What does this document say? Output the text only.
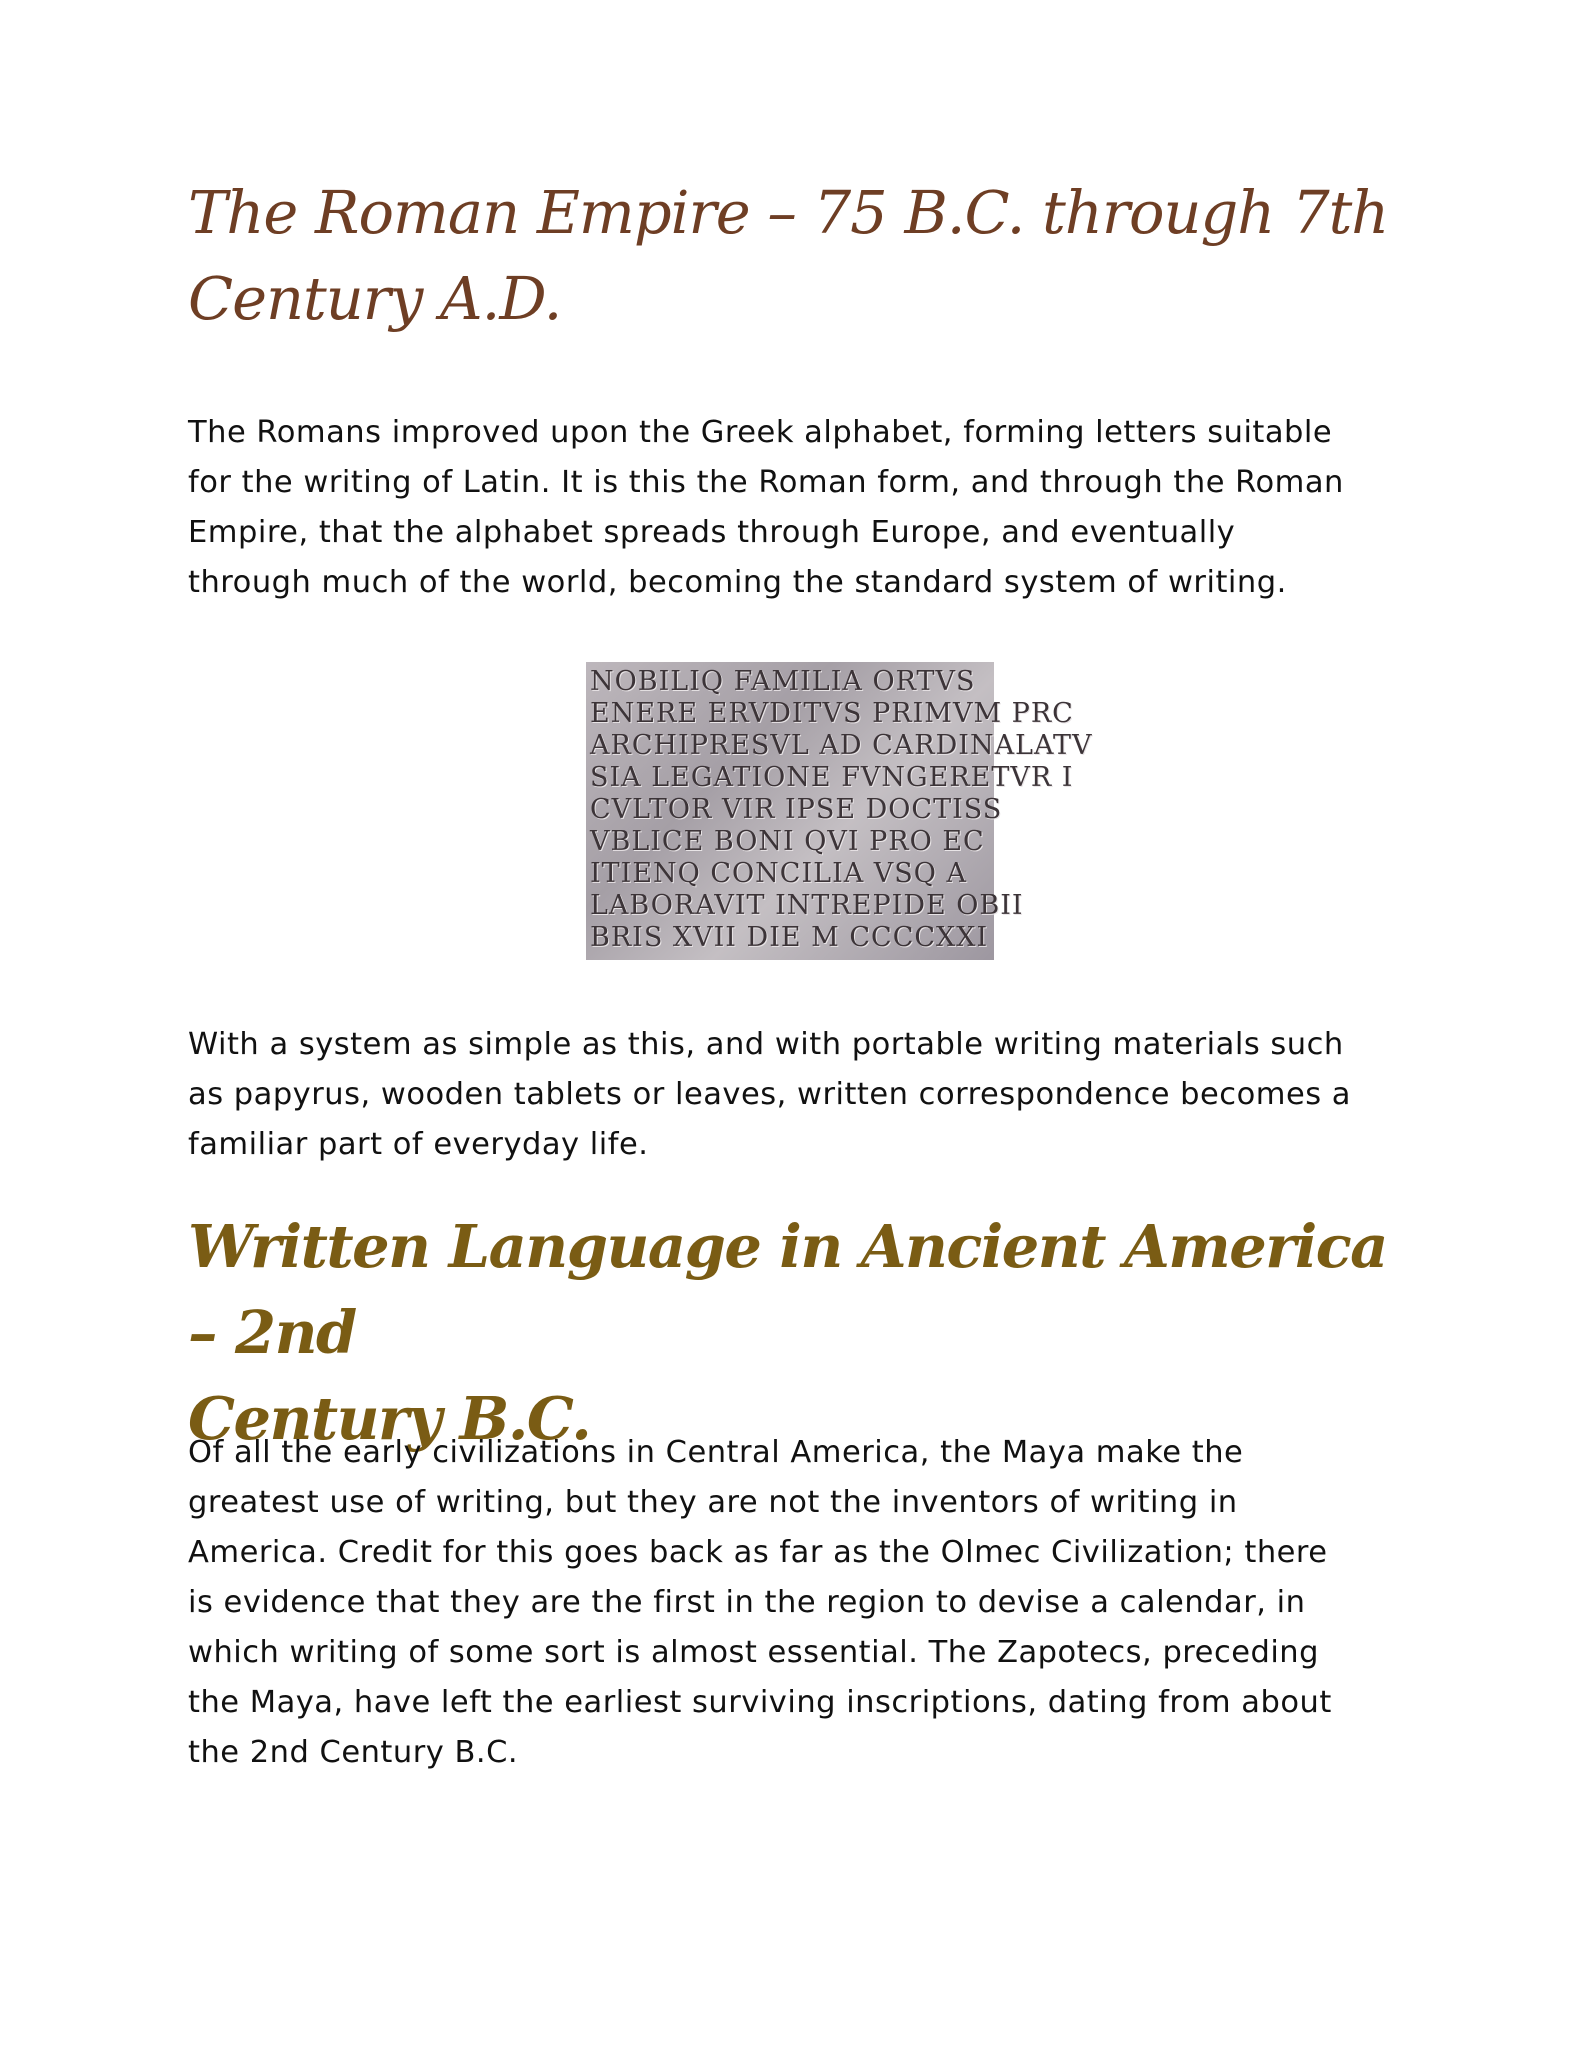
The Roman Empire – 75 B.C. through 7th
Century A.D.

The Romans improved upon the Greek alphabet, forming letters suitable
for the writing of Latin. It is this the Roman form, and through the Roman
Empire, that the alphabet spreads through Europe, and eventually
through much of the world, becoming the standard system of writing.

NOBILIQ FAMILIA ORTVS
ENERE ERVDITVS PRIMVM PRC
ARCHIPRESVL AD CARDINALATV
SIA LEGATIONE FVNGERETVR I
CVLTOR VIR IPSE DOCTISS
VBLICE BONI QVI PRO EC
ITIENQ CONCILIA VSQ A
LABORAVIT INTREPIDE OBII
BRIS XVII DIE M CCCCXXI

With a system as simple as this, and with portable writing materials such
as papyrus, wooden tablets or leaves, written correspondence becomes a
familiar part of everyday life.

Written Language in Ancient America – 2nd
Century B.C.

Of all the early civilizations in Central America, the Maya make the
greatest use of writing, but they are not the inventors of writing in
America. Credit for this goes back as far as the Olmec Civilization; there
is evidence that they are the first in the region to devise a calendar, in
which writing of some sort is almost essential. The Zapotecs, preceding
the Maya, have left the earliest surviving inscriptions, dating from about
the 2nd Century B.C.
